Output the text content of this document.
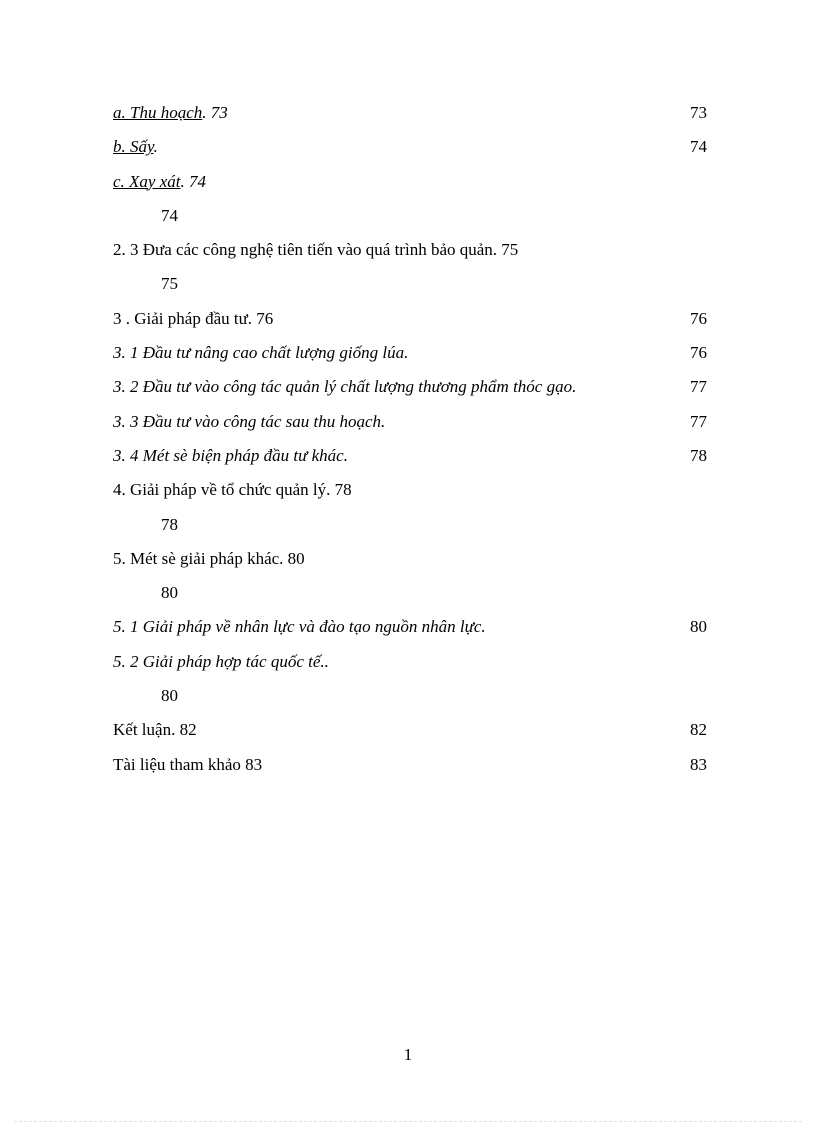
a. Thu hoạch. 73	73
b. Sấy.	74
c. Xay xát. 74
74
2. 3 Đưa các công nghệ tiên tiến vào quá trình bảo quản. 75
75
3 . Giải pháp đầu tư. 76	76
3. 1 Đầu tư nâng cao chất lượng giống lúa.	76
3. 2 Đầu tư vào công tác quản lý chất lượng thương phẩm thóc gạo.	77
3. 3 Đầu tư vào công tác sau thu hoạch.	77
3. 4 Mét sè biện pháp đầu tư khác.	78
4. Giải pháp về tổ chức quản lý. 78
78
5. Mét sè giải pháp khác. 80
80
5. 1 Giải pháp về nhân lực và đào tạo nguồn nhân lực.	80
5. 2 Giải pháp hợp tác quốc tế..
80
Kết luận. 82	82
Tài liệu tham khảo 83	83
1
